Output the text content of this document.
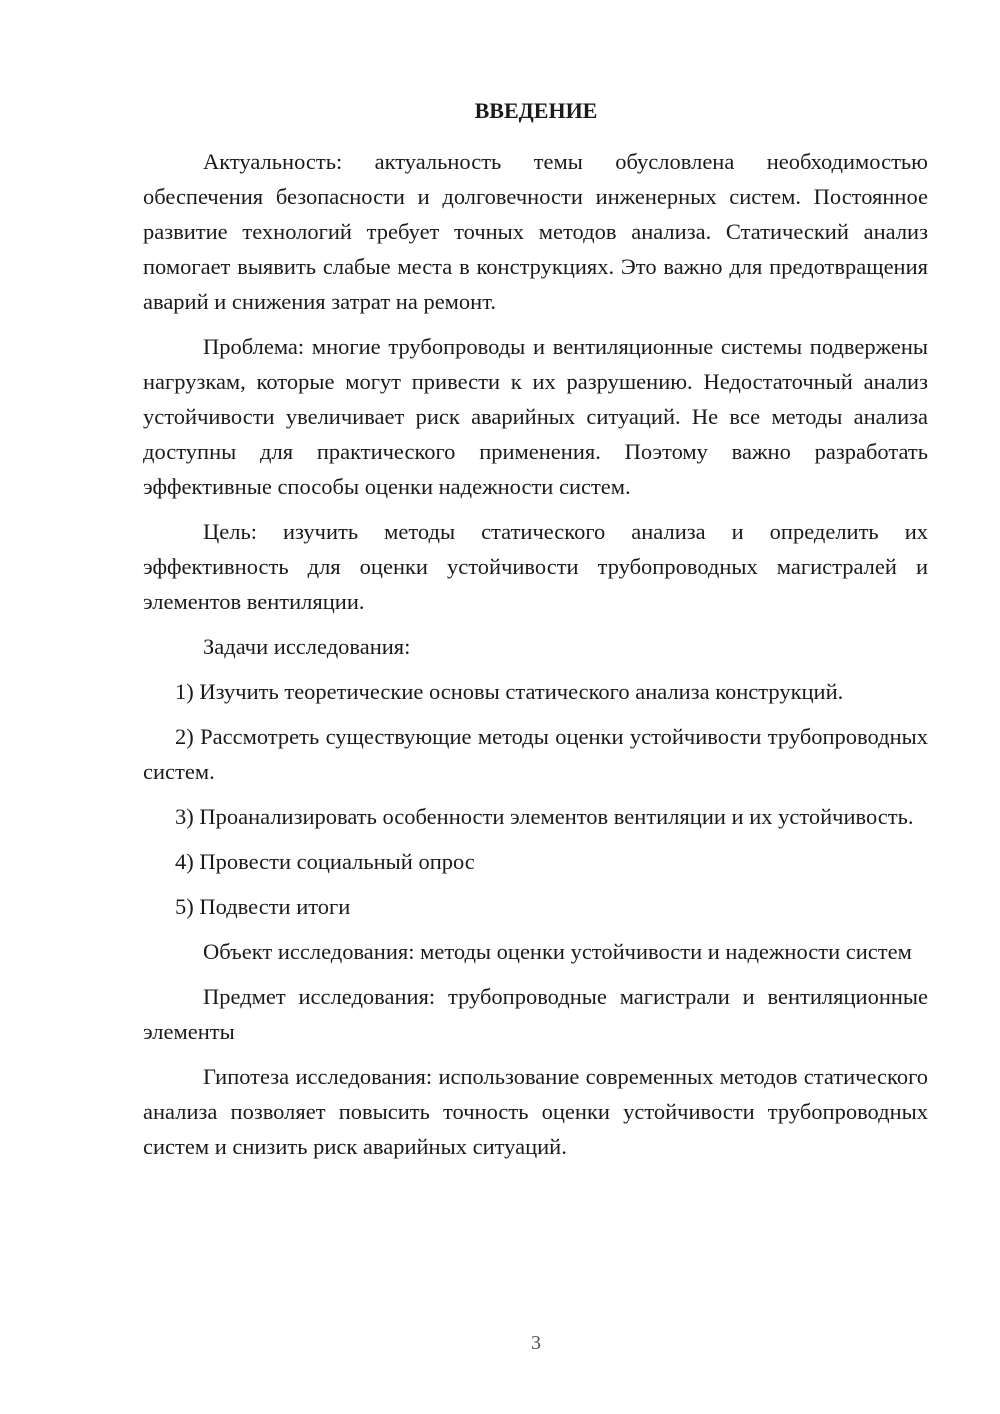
ВВЕДЕНИЕ

Актуальность: актуальность темы обусловлена необходимостью обеспечения безопасности и долговечности инженерных систем. Постоянное развитие технологий требует точных методов анализа. Статический анализ помогает выявить слабые места в конструкциях. Это важно для предотвращения аварий и снижения затрат на ремонт.

Проблема: многие трубопроводы и вентиляционные системы подвержены нагрузкам, которые могут привести к их разрушению. Недостаточный анализ устойчивости увеличивает риск аварийных ситуаций. Не все методы анализа доступны для практического применения. Поэтому важно разработать эффективные способы оценки надежности систем.

Цель: изучить методы статического анализа и определить их эффективность для оценки устойчивости трубопроводных магистралей и элементов вентиляции.

Задачи исследования:

1) Изучить теоретические основы статического анализа конструкций.

2) Рассмотреть существующие методы оценки устойчивости трубопроводных систем.

3) Проанализировать особенности элементов вентиляции и их устойчивость.

4) Провести социальный опрос

5) Подвести итоги

Объект исследования: методы оценки устойчивости и надежности систем

Предмет исследования: трубопроводные магистрали и вентиляционные элементы

Гипотеза исследования: использование современных методов статического анализа позволяет повысить точность оценки устойчивости трубопроводных систем и снизить риск аварийных ситуаций.

3
